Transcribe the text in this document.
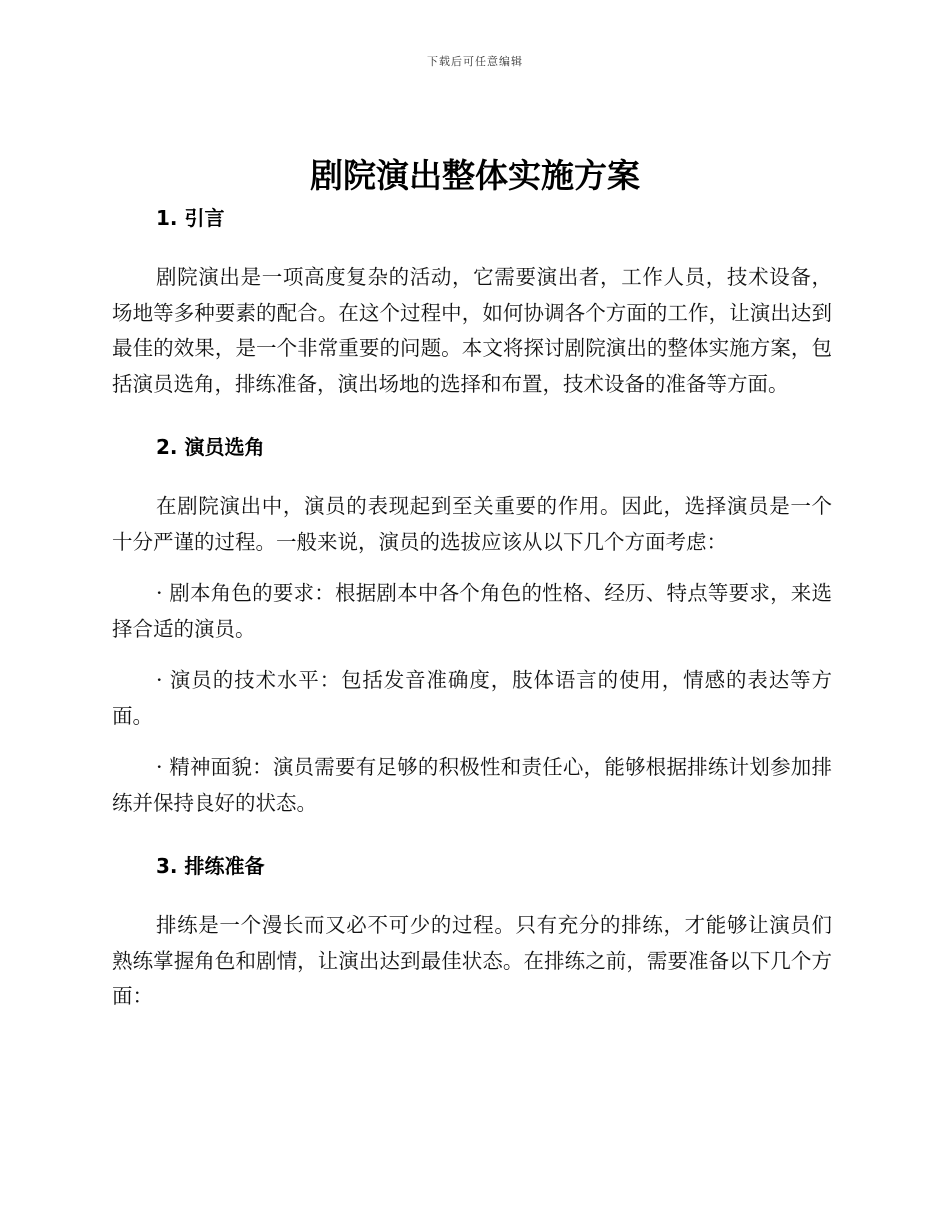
下载后可任意编辑
剧院演出整体实施方案
1. 引言

剧院演出是一项高度复杂的活动，它需要演出者，工作人员，技术设备，场地等多种要素的配合。在这个过程中，如何协调各个方面的工作，让演出达到最佳的效果，是一个非常重要的问题。本文将探讨剧院演出的整体实施方案，包括演员选角，排练准备，演出场地的选择和布置，技术设备的准备等方面。

2. 演员选角

在剧院演出中，演员的表现起到至关重要的作用。因此，选择演员是一个十分严谨的过程。一般来说，演员的选拔应该从以下几个方面考虑：

· 剧本角色的要求：根据剧本中各个角色的性格、经历、特点等要求，来选择合适的演员。

· 演员的技术水平：包括发音准确度，肢体语言的使用，情感的表达等方面。

· 精神面貌：演员需要有足够的积极性和责任心，能够根据排练计划参加排练并保持良好的状态。

3. 排练准备

排练是一个漫长而又必不可少的过程。只有充分的排练，才能够让演员们熟练掌握角色和剧情，让演出达到最佳状态。在排练之前，需要准备以下几个方面：
